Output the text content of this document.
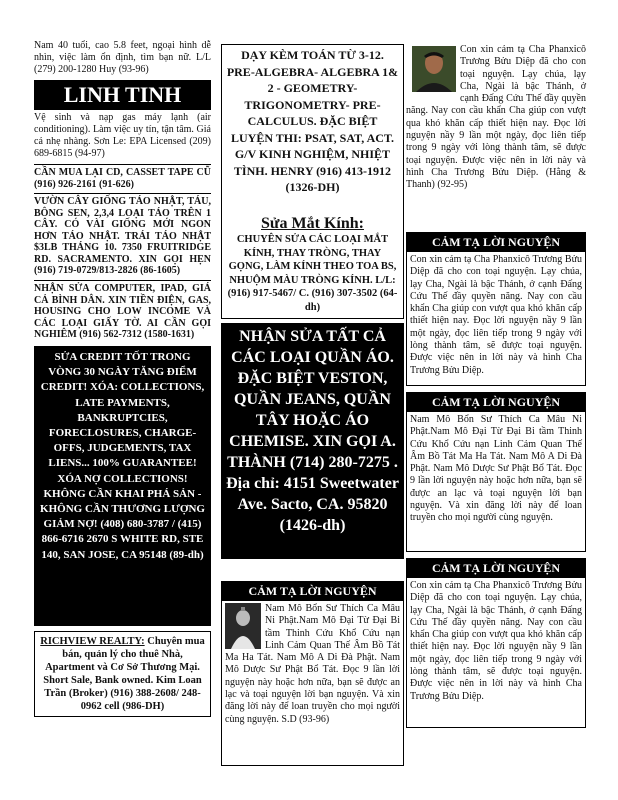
Nam 40 tuổi, cao 5.8 feet, ngoại hình dễ nhìn, việc làm ổn định, tìm bạn nữ. L/L (279) 200-1280 Huy (93-96)
LINH TINH
Vệ sinh và nạp gas máy lạnh (air conditioning). Làm việc uy tín, tận tâm. Giá cả nhẹ nhàng. Sơn Le: EPA Licensed (209) 689-6815 (94-97)
CẦN MUA LẠI CD, CASSET TAPE CŨ (916) 926-2161 (91-626)
VƯỜN CÂY GIỐNG TÁO NHẬT, TÁU, BÔNG SEN, 2,3,4 LOẠI TÁO TRÊN 1 CÂY. CÓ VÀI GIỐNG MỚI NGON HƠN TÁO NHẬT. TRÁI TÁO NHẬT $3LB THÁNG 10. 7350 FRUITRIDGE RD. SACRAMENTO. XIN GỌI HẸN (916) 719-0729/813-2826 (86-1605)
NHẬN SỬA COMPUTER, IPAD, GIÁ CẢ BÌNH DÂN. XIN TIỀN ĐIỆN, GAS, HOUSING CHO LOW INCOME VÀ CÁC LOẠI GIẤY TỜ. AI CẦN GỌI NGHIÊM (916) 562-7312 (1580-1631)
SỬA CREDIT TỐT TRONG VÒNG 30 NGÀY TĂNG ĐIỂM CREDIT! XÓA: COLLECTIONS, LATE PAYMENTS, BANKRUPTCIES, FORECLOSURES, CHARGE-OFFS, JUDGEMENTS, TAX LIENS... 100% GUARANTEE! XÓA NỢ COLLECTIONS! KHÔNG CẦN KHAI PHÁ SẢN - KHÔNG CẦN THƯƠNG LƯỢNG GIẢM NỢ! (408) 680-3787 / (415) 866-6716 2670 S WHITE RD, STE 140, SAN JOSE, CA 95148 (89-dh)
RICHVIEW REALTY: Chuyên mua bán, quản lý cho thuê Nhà, Apartment và Cơ Sở Thương Mại. Short Sale, Bank owned. Kim Loan Trần (Broker) (916) 388-2608/ 248-0962 cell (986-DH)
DẠY KÈM TOÁN TỪ 3-12. PRE-ALGEBRA- ALGEBRA 1& 2 - GEOMETRY- TRIGONOMETRY- PRE-CALCULUS. ĐẶC BIỆT LUYỆN THI: PSAT, SAT, ACT. G/V KINH NGHIỆM, NHIỆT TÌNH. HENRY (916) 413-1912 (1326-DH)
Sửa Mắt Kính:
CHUYÊN SỬA CÁC LOẠI MẮT KÍNH, THAY TRÒNG, THAY GỌNG, LÀM KÍNH THEO TOA BS, NHUỘM MÀU TRÒNG KÍNH. L/L: (916) 917-5467/ C. (916) 307-3502 (64-dh)
NHẬN SỬA TẤT CẢ CÁC LOẠI QUẦN ÁO. ĐẶC BIỆT VESTON, QUẦN JEANS, QUẦN TÂY HOẶC ÁO CHEMISE. XIN GỌI A. THÀNH (714) 280-7275 . Địa chỉ: 4151 Sweetwater Ave. Sacto, CA. 95820 (1426-dh)
CẢM TẠ LỜI NGUYỆN
Nam Mô Bổn Sư Thích Ca Mâu Ni Phật.Nam Mô Đại Từ Đại Bi tầm Thinh Cứu Khổ Cứu nạn Linh Cảm Quan Thế Âm Bồ Tát Ma Ha Tát. Nam Mô A Di Đà Phật. Nam Mô Dược Sư Phật Bổ Tát. Đọc 9 lần lời nguyện này hoặc hơn nữa, bạn sẽ được an lạc và toại nguyện lời bạn nguyện. Và xin đăng lời này để loan truyền cho mọi người cùng nguyện. S.D (93-96)
Con xin cảm tạ Cha Phanxicô Trương Bửu Diệp đã cho con toại nguyện. Lạy chúa, lạy Cha, Ngài là bậc Thánh, ở cạnh Đấng Cứu Thế đầy quyền năng. Nay con cầu khẩn Cha giúp con vượt qua khó khăn cấp thiết hiện nay. Đọc lời nguyện nầy 9 lần một ngày, đọc liên tiếp trong 9 ngày với lòng thành tâm, sẽ được toại nguyện. Được việc nên in lời này và hình Cha Trương Bửu Diệp. (Hằng & Thanh) (92-95)
CẢM TẠ LỜI NGUYỆN
Con xin cảm tạ Cha Phanxicô Trương Bửu Diệp đã cho con toại nguyện. Lạy chúa, lạy Cha, Ngài là bậc Thánh, ở cạnh Đấng Cứu Thế đầy quyền năng. Nay con cầu khẩn Cha giúp con vượt qua khó khăn cấp thiết hiện nay. Đọc lời nguyện nầy 9 lần một ngày, đọc liên tiếp trong 9 ngày với lòng thành tâm, sẽ được toại nguyện. Được việc nên in lời này và hình Cha Trương Bửu Diệp.
CẢM TẠ LỜI NGUYỆN
Nam Mô Bổn Sư Thích Ca Mâu Ni Phật.Nam Mô Đại Từ Đại Bi tầm Thinh Cứu Khổ Cứu nạn Linh Cảm Quan Thế Âm Bồ Tát Ma Ha Tát. Nam Mô A Di Đà Phật. Nam Mô Dược Sư Phật Bổ Tát. Đọc 9 lần lời nguyện này hoặc hơn nữa, bạn sẽ được an lạc và toại nguyện lời bạn nguyện. Và xin đăng lời này để loan truyền cho mọi người cùng nguyện.
CẢM TẠ LỜI NGUYỆN
Con xin cảm tạ Cha Phanxicô Trương Bửu Diệp đã cho con toại nguyện. Lạy chúa, lạy Cha, Ngài là bậc Thánh, ở cạnh Đấng Cứu Thế đầy quyền năng. Nay con cầu khẩn Cha giúp con vượt qua khó khăn cấp thiết hiện nay. Đọc lời nguyện nầy 9 lần một ngày, đọc liên tiếp trong 9 ngày với lòng thành tâm, sẽ được toại nguyện. Được việc nên in lời này và hình Cha Trương Bửu Diệp.
